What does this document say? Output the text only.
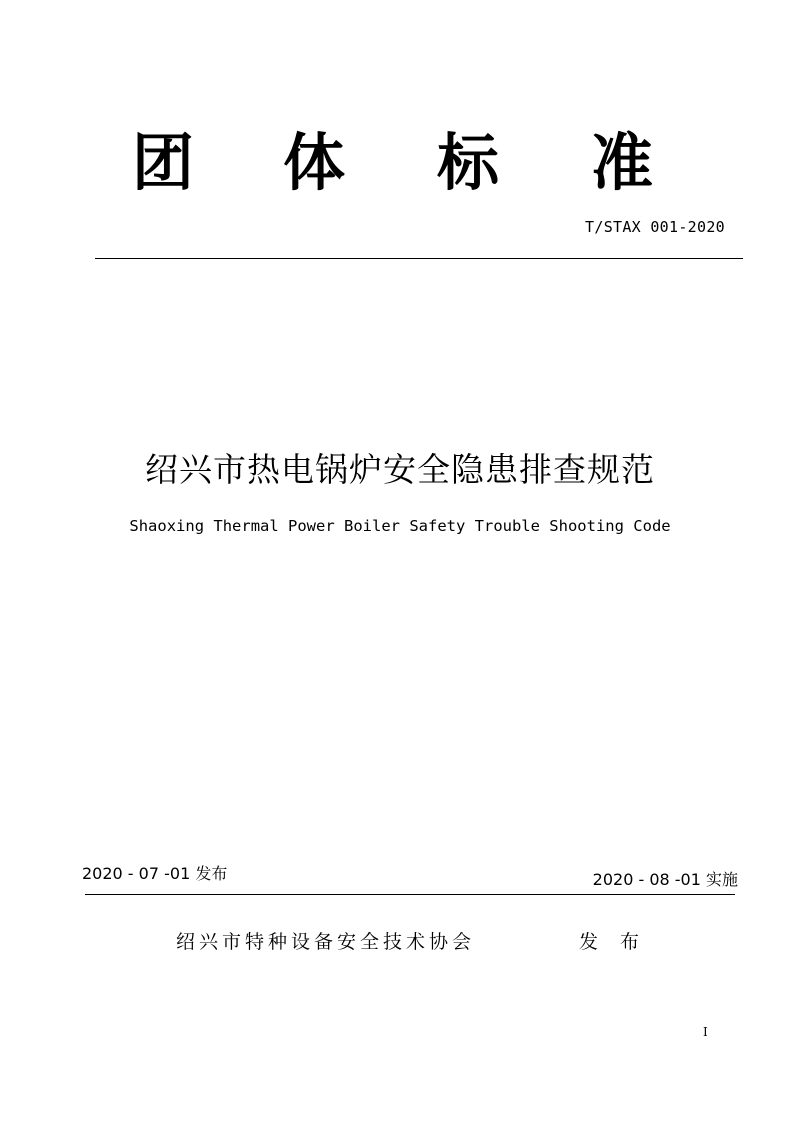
团 体 标 准
T/STAX 001-2020
绍兴市热电锅炉安全隐患排查规范
Shaoxing Thermal Power Boiler Safety Trouble Shooting Code
2020 - 07 -01 发布	2020 - 08 -01 实施
绍兴市特种设备安全技术协会	发 布
I
